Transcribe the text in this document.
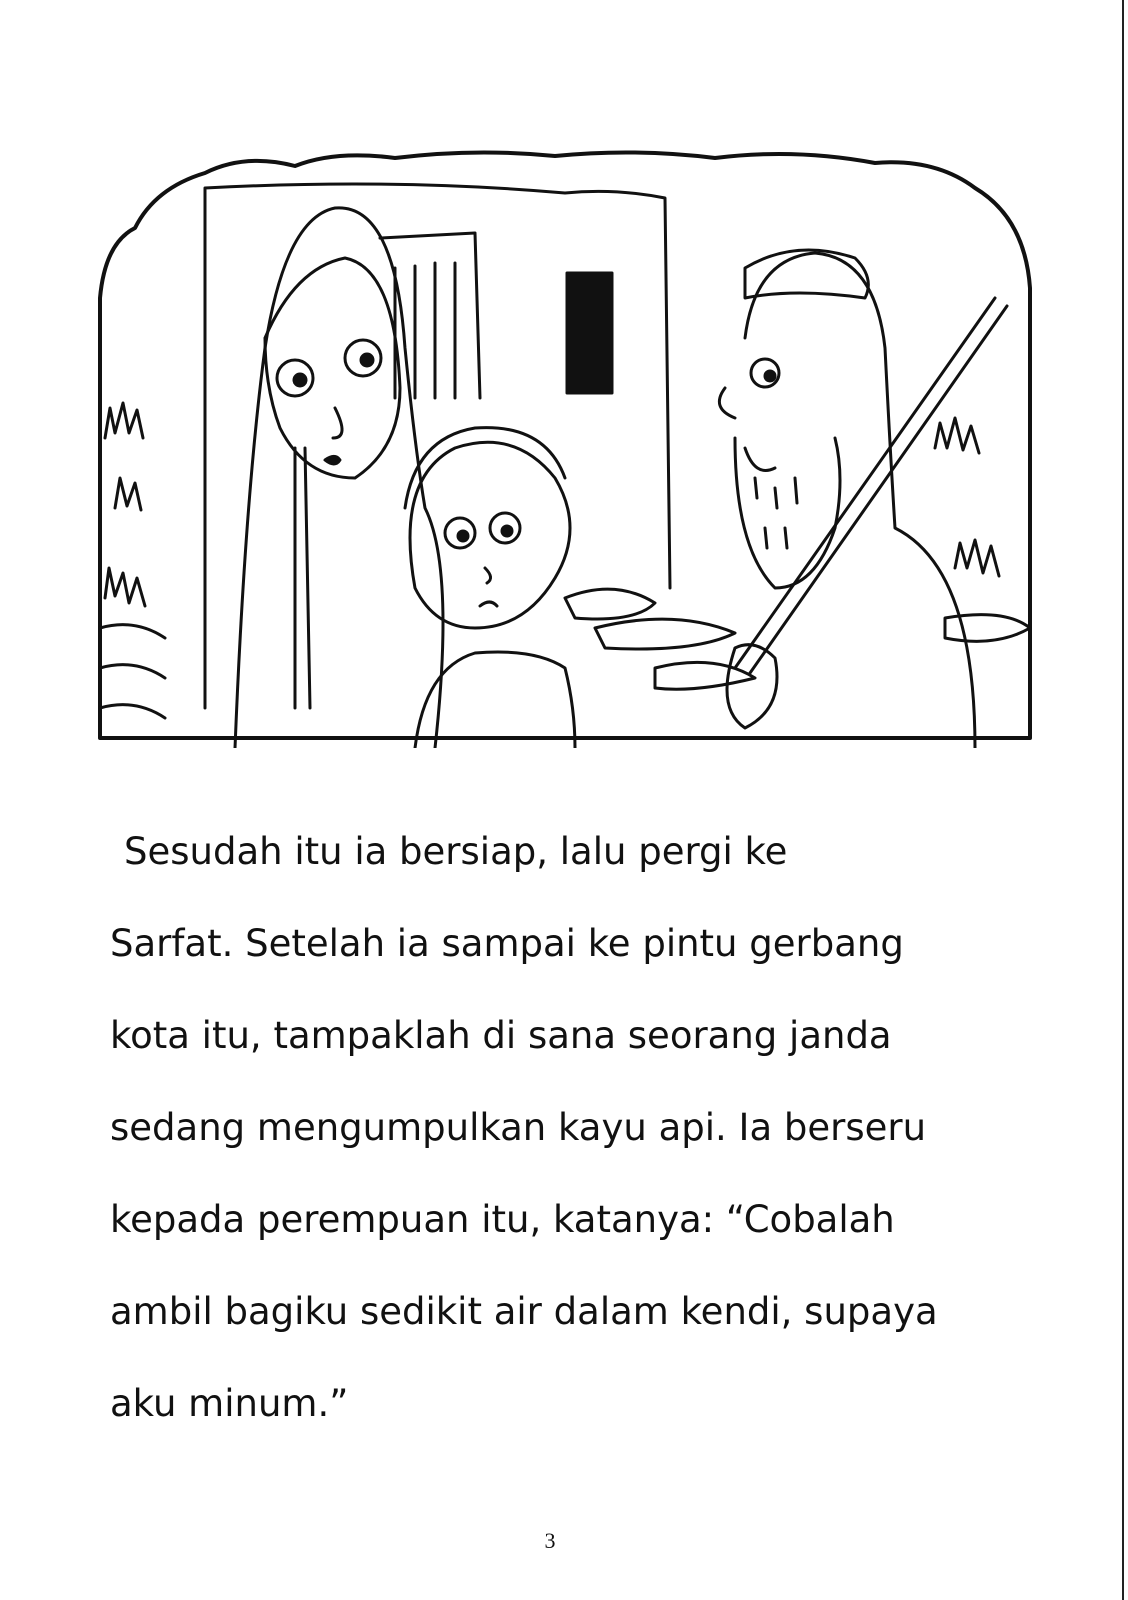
Sesudah itu ia bersiap, lalu pergi ke
Sarfat. Setelah ia sampai ke pintu gerbang
kota itu, tampaklah di sana seorang janda
sedang mengumpulkan kayu api. Ia berseru
kepada perempuan itu, katanya: “Cobalah
ambil bagiku sedikit air dalam kendi, supaya
aku minum.”
3
